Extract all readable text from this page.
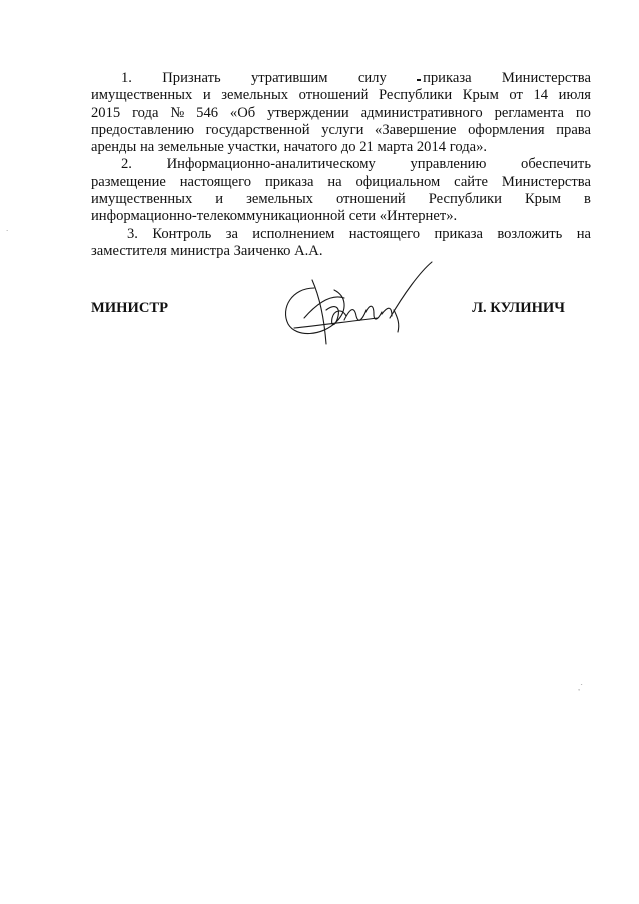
1. Признать утратившим силу	приказа Министерства
имущественных и земельных отношений Республики Крым от 14 июля
2015 года № 546 «Об утверждении административного регламента по
предоставлению государственной услуги «Завершение оформления права
аренды на земельные участки, начатого до 21 марта 2014 года».
2. Информационно-аналитическому управлению обеспечить
размещение настоящего приказа на официальном сайте Министерства
имущественных и земельных отношений Республики Крым в
информационно-телекоммуникационной сети «Интернет».
3. Контроль за исполнением настоящего приказа возложить на
заместителя министра Заиченко А.А.
МИНИСТР	Л. КУЛИНИЧ
ˋ
˳ˊ
